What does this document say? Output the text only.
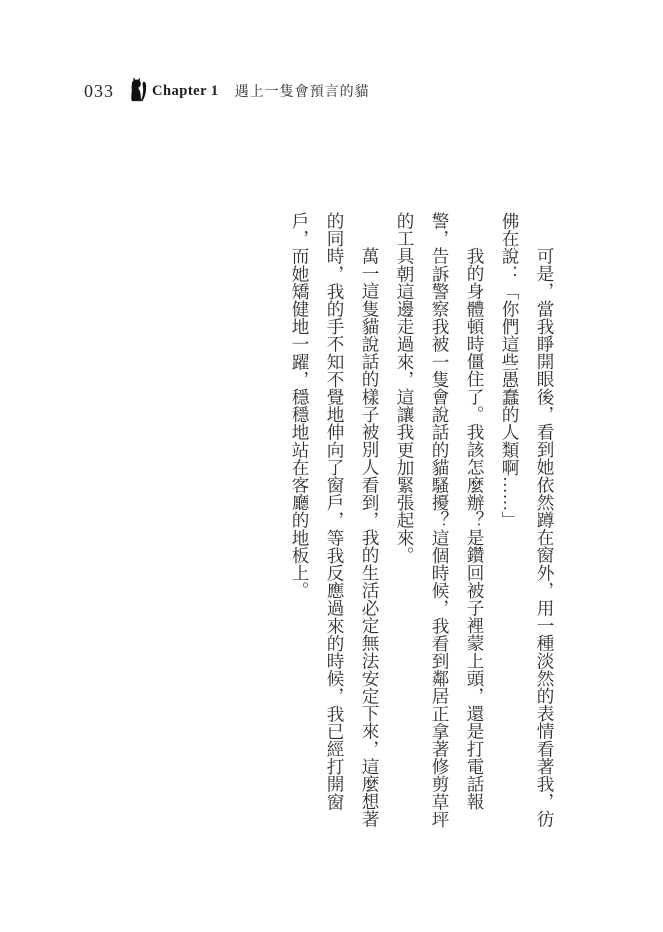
033	Chapter 1 遇上一隻會預言的貓

可是，當我睜開眼後，看到她依然蹲在窗外，用一種淡然的表情看著我，彷佛在說：「你們這些愚蠢的人類啊……」

我的身體頓時僵住了。我該怎麼辦？是鑽回被子裡蒙上頭，還是打電話報警，告訴警察我被一隻會說話的貓騷擾？這個時候，我看到鄰居正拿著修剪草坪的工具朝這邊走過來，這讓我更加緊張起來。

萬一這隻貓說話的樣子被別人看到，我的生活必定無法安定下來，這麼想著的同時，我的手不知不覺地伸向了窗戶，等我反應過來的時候，我已經打開窗戶，而她矯健地一躍，穩穩地站在客廳的地板上。
